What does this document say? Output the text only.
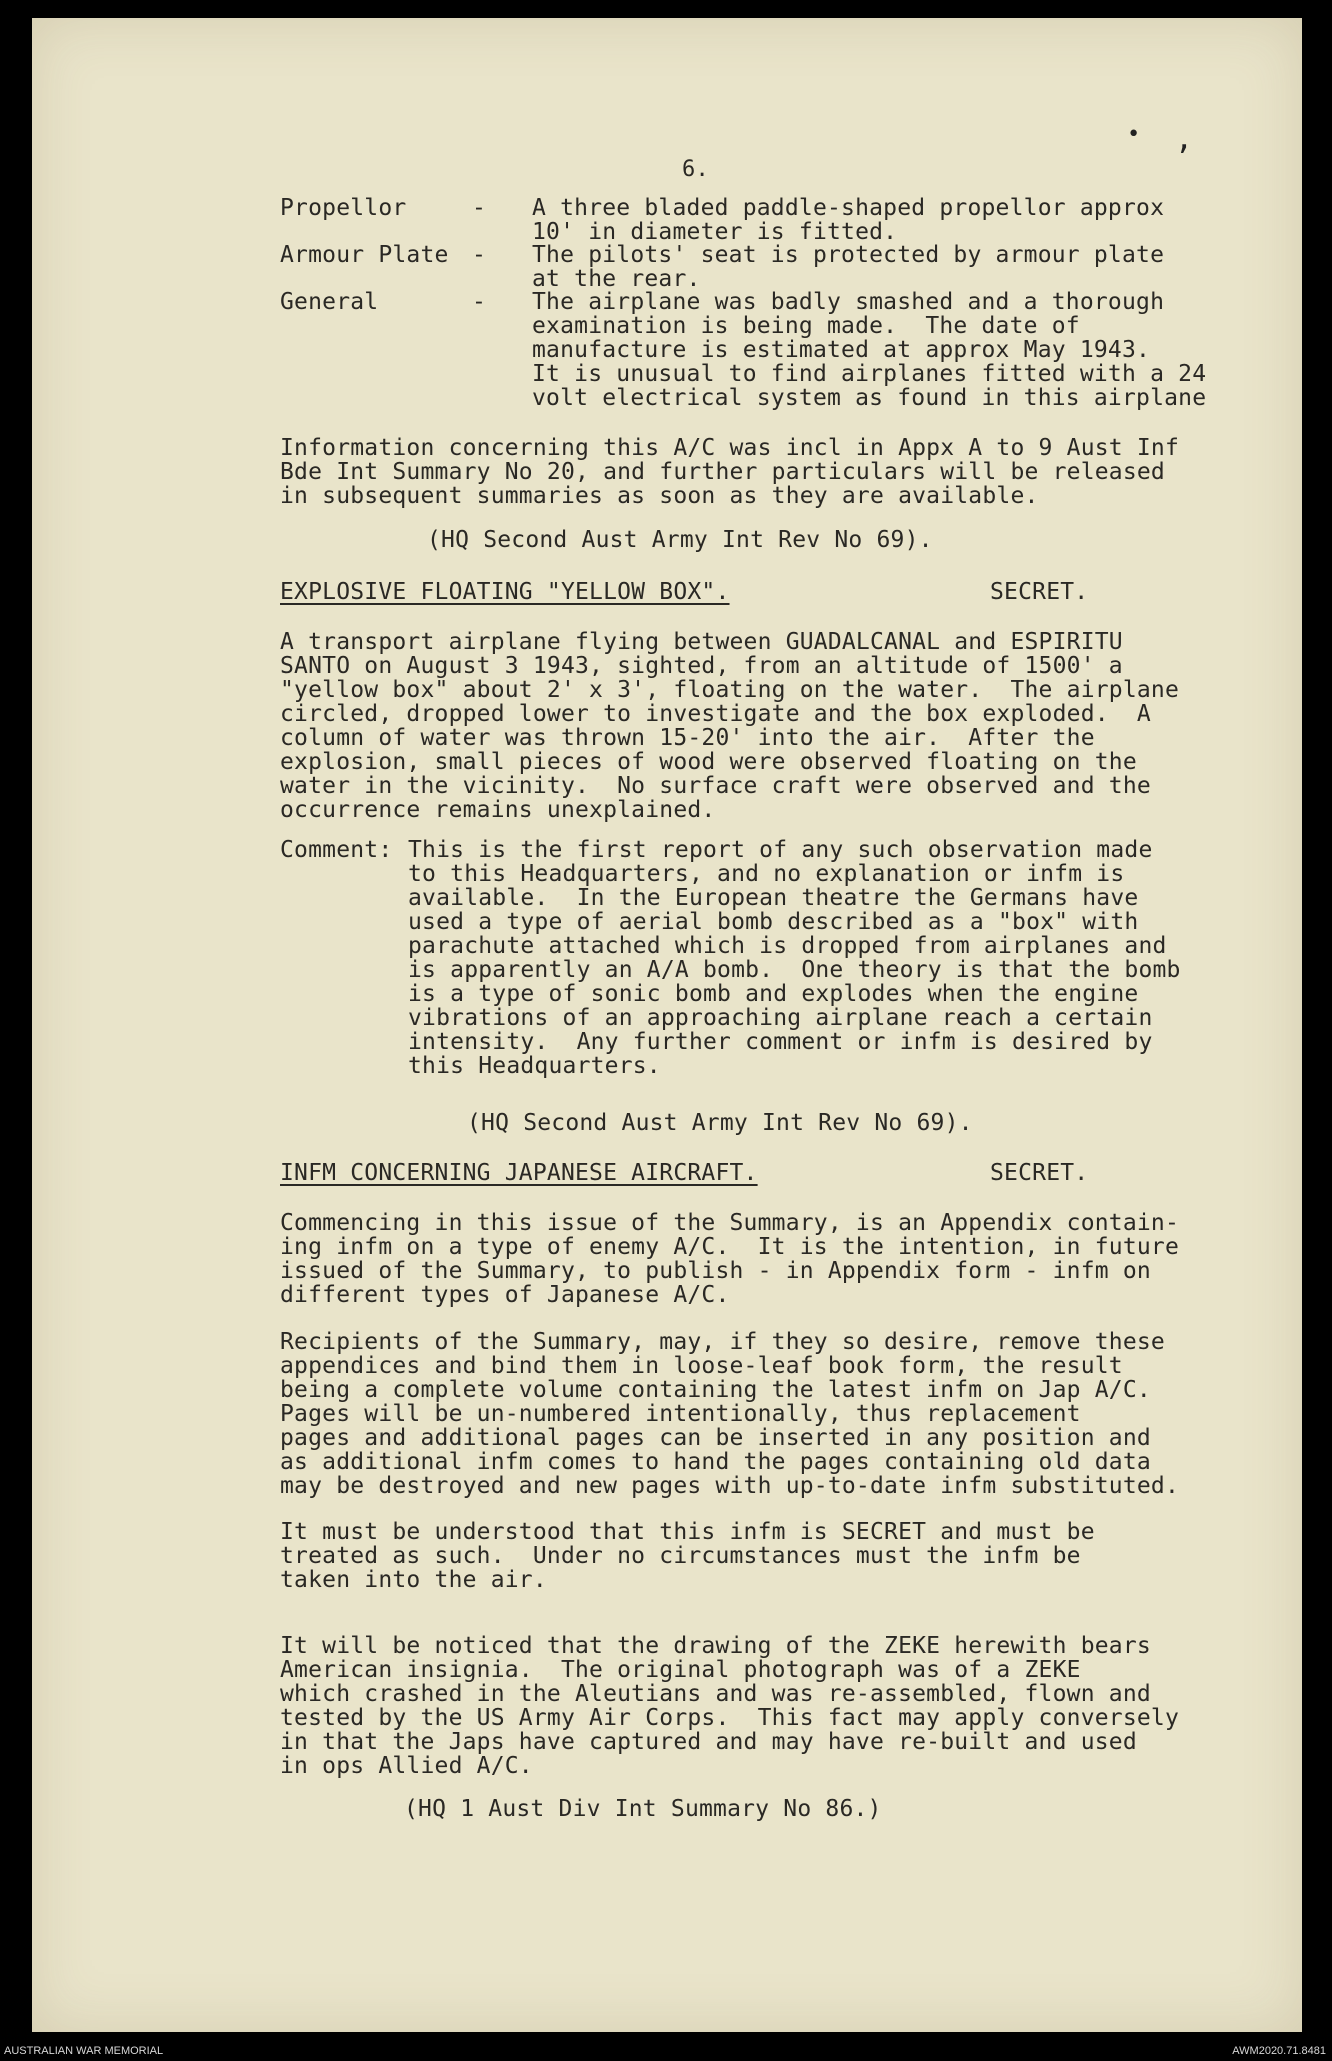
6.
• ‚
Propellor	- A three bladed paddle-shaped propellor approx
10' in diameter is fitted.
Armour Plate - The pilots' seat is protected by armour plate
at the rear.
General	- The airplane was badly smashed and a thorough
examination is being made.  The date of
manufacture is estimated at approx May 1943.
It is unusual to find airplanes fitted with a 24
volt electrical system as found in this airplane
Information concerning this A/C was incl in Appx A to 9 Aust Inf
Bde Int Summary No 20, and further particulars will be released
in subsequent summaries as soon as they are available.
(HQ Second Aust Army Int Rev No 69).
EXPLOSIVE FLOATING "YELLOW BOX".	SECRET.
A transport airplane flying between GUADALCANAL and ESPIRITU
SANTO on August 3 1943, sighted, from an altitude of 1500' a
"yellow box" about 2' x 3', floating on the water.  The airplane
circled, dropped lower to investigate and the box exploded.  A
column of water was thrown 15-20' into the air.  After the
explosion, small pieces of wood were observed floating on the
water in the vicinity.  No surface craft were observed and the
occurrence remains unexplained.
Comment: This is the first report of any such observation made
to this Headquarters, and no explanation or infm is
available.  In the European theatre the Germans have
used a type of aerial bomb described as a "box" with
parachute attached which is dropped from airplanes and
is apparently an A/A bomb.  One theory is that the bomb
is a type of sonic bomb and explodes when the engine
vibrations of an approaching airplane reach a certain
intensity.  Any further comment or infm is desired by
this Headquarters.
(HQ Second Aust Army Int Rev No 69).
INFM CONCERNING JAPANESE AIRCRAFT.	SECRET.
Commencing in this issue of the Summary, is an Appendix contain-
ing infm on a type of enemy A/C.  It is the intention, in future
issued of the Summary, to publish - in Appendix form - infm on
different types of Japanese A/C.
Recipients of the Summary, may, if they so desire, remove these
appendices and bind them in loose-leaf book form, the result
being a complete volume containing the latest infm on Jap A/C.
Pages will be un-numbered intentionally, thus replacement
pages and additional pages can be inserted in any position and
as additional infm comes to hand the pages containing old data
may be destroyed and new pages with up-to-date infm substituted.
It must be understood that this infm is SECRET and must be
treated as such.  Under no circumstances must the infm be
taken into the air.
It will be noticed that the drawing of the ZEKE herewith bears
American insignia.  The original photograph was of a ZEKE
which crashed in the Aleutians and was re-assembled, flown and
tested by the US Army Air Corps.  This fact may apply conversely
in that the Japs have captured and may have re-built and used
in ops Allied A/C.
(HQ 1 Aust Div Int Summary No 86.)
AUSTRALIAN WAR MEMORIAL	AWM2020.71.8481
